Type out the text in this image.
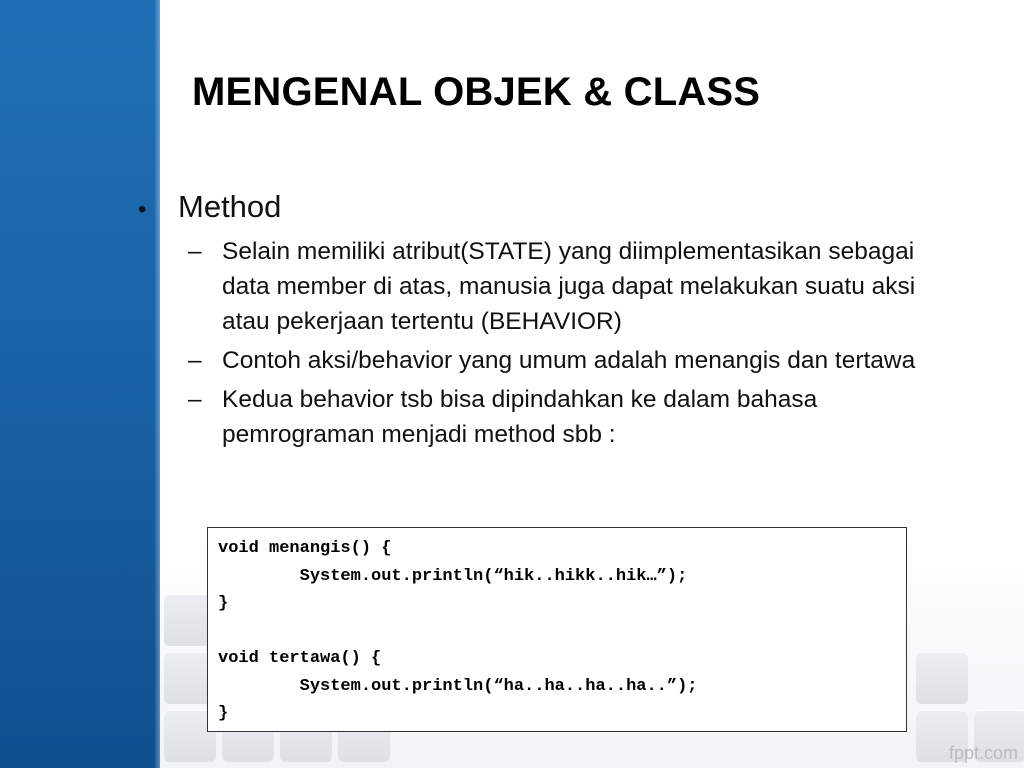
MENGENAL OBJEK & CLASS
•	Method
– Selain memiliki atribut(STATE) yang diimplementasikan sebagai data member di atas, manusia juga dapat melakukan suatu aksi atau pekerjaan tertentu (BEHAVIOR)
– Contoh aksi/behavior yang umum adalah menangis dan tertawa
– Kedua behavior tsb bisa dipindahkan ke dalam bahasa pemrograman menjadi method sbb :
void menangis() {
System.out.println(“hik..hikk..hik…”);
}
void tertawa() {
System.out.println(“ha..ha..ha..ha..”);
}
fppt.com
